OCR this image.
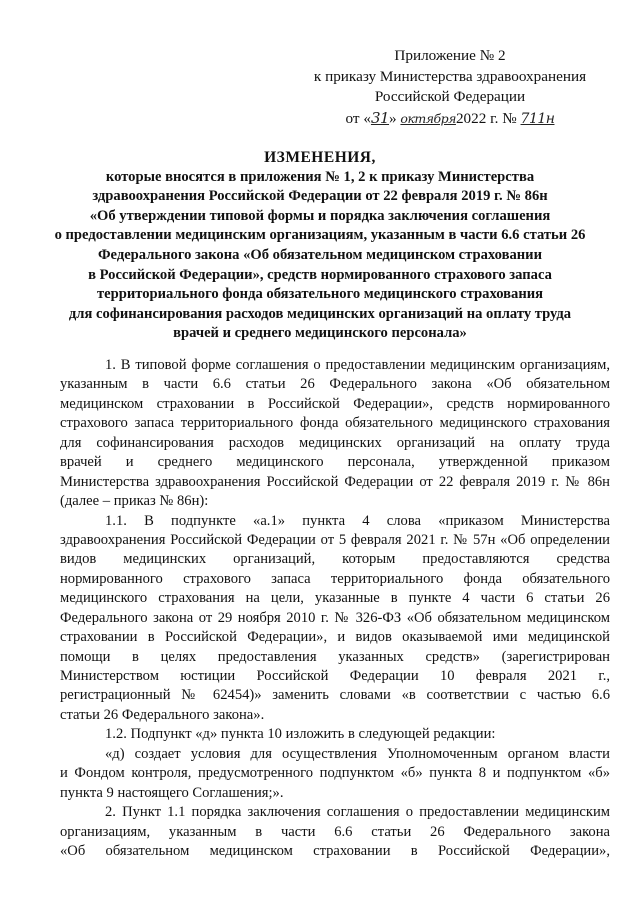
Приложение № 2
к приказу Министерства здравоохранения
Российской Федерации
от «31» октября2022 г. № 711н
ИЗМЕНЕНИЯ,
которые вносятся в приложения № 1, 2 к приказу Министерства
здравоохранения Российской Федерации от 22 февраля 2019 г. № 86н
«Об утверждении типовой формы и порядка заключения соглашения
о предоставлении медицинским организациям, указанным в части 6.6 статьи 26
Федерального закона «Об обязательном медицинском страховании
в Российской Федерации», средств нормированного страхового запаса
территориального фонда обязательного медицинского страхования
для софинансирования расходов медицинских организаций на оплату труда
врачей и среднего медицинского персонала»
1. В типовой форме соглашения о предоставлении медицинским организациям,
указанным в части 6.6 статьи 26 Федерального закона «Об обязательном
медицинском страховании в Российской Федерации», средств нормированного
страхового запаса территориального фонда обязательного медицинского страхования
для софинансирования расходов медицинских организаций на оплату труда
врачей и среднего медицинского персонала, утвержденной приказом
Министерства здравоохранения Российской Федерации от 22 февраля 2019 г. № 86н
(далее – приказ № 86н):
1.1. В подпункте «а.1» пункта 4 слова «приказом Министерства
здравоохранения Российской Федерации от 5 февраля 2021 г. № 57н «Об определении
видов медицинских организаций, которым предоставляются средства
нормированного страхового запаса территориального фонда обязательного
медицинского страхования на цели, указанные в пункте 4 части 6 статьи 26
Федерального закона от 29 ноября 2010 г. № 326-ФЗ «Об обязательном медицинском
страховании в Российской Федерации», и видов оказываемой ими медицинской
помощи в целях предоставления указанных средств» (зарегистрирован
Министерством юстиции Российской Федерации 10 февраля 2021 г.,
регистрационный № 62454)» заменить словами «в соответствии с частью 6.6
статьи 26 Федерального закона».
1.2. Подпункт «д» пункта 10 изложить в следующей редакции:
«д) создает условия для осуществления Уполномоченным органом власти
и Фондом контроля, предусмотренного подпунктом «б» пункта 8 и подпунктом «б»
пункта 9 настоящего Соглашения;».
2. Пункт 1.1 порядка заключения соглашения о предоставлении медицинским
организациям, указанным в части 6.6 статьи 26 Федерального закона
«Об обязательном медицинском страховании в Российской Федерации»,
